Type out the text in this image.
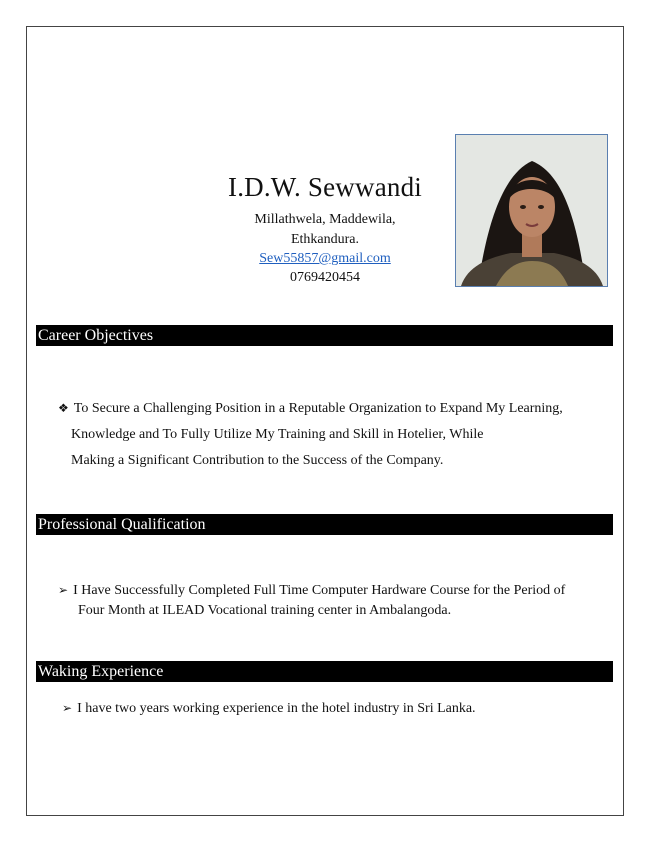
I.D.W. Sewwandi
Millathwela, Maddewila,
Ethkandura.
Sew55857@gmail.com
0769420454
Career Objectives
❖ To Secure a Challenging Position in a Reputable Organization to Expand My Learning,
Knowledge and To Fully Utilize My Training and Skill in Hotelier, While
Making a Significant Contribution to the Success of the Company.
Professional Qualification
➢ I Have Successfully Completed Full Time Computer Hardware Course for the Period of
Four Month at ILEAD Vocational training center in Ambalangoda.
Waking Experience
➢ I have two years working experience in the hotel industry in Sri Lanka.
